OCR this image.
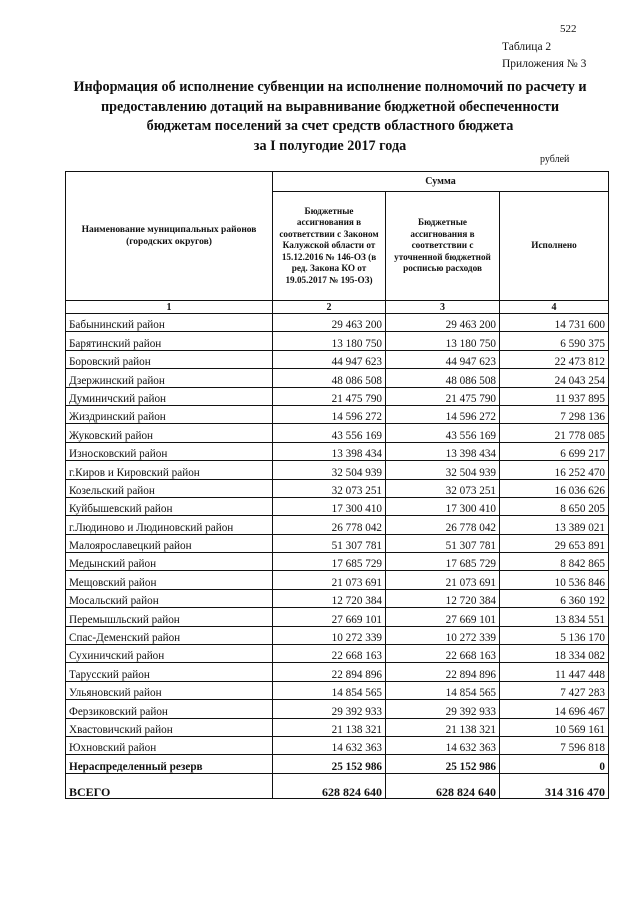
522
Таблица 2
Приложения № 3
Информация об исполнение субвенции на исполнение полномочий по расчету и
предоставлению дотаций на выравнивание бюджетной обеспеченности
бюджетам поселений за счет средств областного бюджета
за I полугодие 2017 года
рублей
Наименование муниципальных районов (городских округов)	Сумма		
	Бюджетные ассигнования в соответствии с Законом Калужской области от 15.12.2016 № 146-ОЗ (в ред. Закона КО от 19.05.2017 № 195-ОЗ)	Бюджетные ассигнования в соответствии с уточненной бюджетной росписью расходов	Исполнено
1	2	3	4
Бабынинский район	29 463 200	29 463 200	14 731 600
Барятинский район	13 180 750	13 180 750	6 590 375
Боровский район	44 947 623	44 947 623	22 473 812
Дзержинский район	48 086 508	48 086 508	24 043 254
Думиничский район	21 475 790	21 475 790	11 937 895
Жиздринский район	14 596 272	14 596 272	7 298 136
Жуковский район	43 556 169	43 556 169	21 778 085
Износковский район	13 398 434	13 398 434	6 699 217
г.Киров и Кировский район	32 504 939	32 504 939	16 252 470
Козельский район	32 073 251	32 073 251	16 036 626
Куйбышевский район	17 300 410	17 300 410	8 650 205
г.Людиново и Людиновский район	26 778 042	26 778 042	13 389 021
Малоярославецкий район	51 307 781	51 307 781	29 653 891
Медынский район	17 685 729	17 685 729	8 842 865
Мещовский район	21 073 691	21 073 691	10 536 846
Мосальский район	12 720 384	12 720 384	6 360 192
Перемышльский район	27 669 101	27 669 101	13 834 551
Спас-Деменский район	10 272 339	10 272 339	5 136 170
Сухиничский район	22 668 163	22 668 163	18 334 082
Тарусский район	22 894 896	22 894 896	11 447 448
Ульяновский район	14 854 565	14 854 565	7 427 283
Ферзиковский район	29 392 933	29 392 933	14 696 467
Хвастовичский район	21 138 321	21 138 321	10 569 161
Юхновский район	14 632 363	14 632 363	7 596 818
Нераспределенный резерв	25 152 986	25 152 986	0
ВСЕГО	628 824 640	628 824 640	314 316 470
